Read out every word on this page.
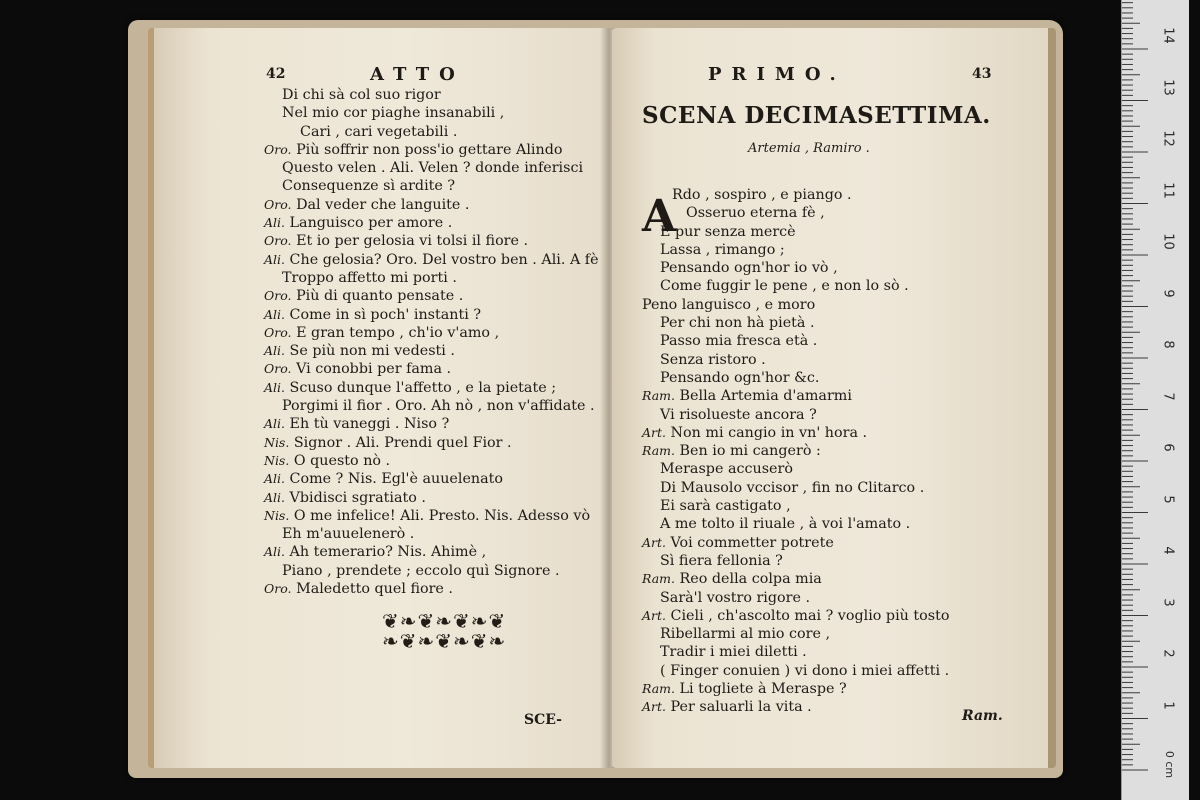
42	ATTO
Di chi sà col suo rigor
Nel mio cor piaghe insanabili ,
Cari , cari vegetabili .
Oro. Più soffrir non poss'io gettare Alindo
Questo velen . Ali. Velen ? donde inferisci
Consequenze sì ardite ?
Oro. Dal veder che languite .
Ali. Languisco per amore .
Oro. Et io per gelosia vi tolsi il fiore .
Ali. Che gelosia? Oro. Del vostro ben . Ali. A fè
Troppo affetto mi porti .
Oro. Più di quanto pensate .
Ali. Come in sì poch' instanti ?
Oro. E gran tempo , ch'io v'amo ,
Ali. Se più non mi vedesti .
Oro. Vi conobbi per fama .
Ali. Scuso dunque l'affetto , e la pietate ;
Porgimi il fior . Oro. Ah nò , non v'affidate .
Ali. Eh tù vaneggi . Niso ?
Nis. Signor . Ali. Prendi quel Fior .
Nis. O questo nò .
Ali. Come ? Nis. Egl'è auuelenato
Ali. Vbidisci sgratiato .
Nis. O me infelice! Ali. Presto. Nis. Adesso vò
Eh m'auuelenerò .
Ali. Ah temerario? Nis. Ahimè ,
Piano , prendete ; eccolo quì Signore .
Oro. Maledetto quel fiore .
❦❧❦❧❦❧❦
❧❦❧❦❧❦❧
SCE-
PRIMO.	43
SCENA DECIMASETTIMA.
Artemia , Ramiro .
A
Rdo , sospiro , e piango .
Osseruo eterna fè ,
E pur senza mercè
Lassa , rimango ;
Pensando ogn'hor io vò ,
Come fuggir le pene , e non lo sò .
Peno languisco , e moro
Per chi non hà pietà .
Passo mia fresca età .
Senza ristoro .
Pensando ogn'hor &c.
Ram. Bella Artemia d'amarmi
Vi risolueste ancora ?
Art. Non mi cangio in vn' hora .
Ram. Ben io mi cangerò :
Meraspe accuserò
Di Mausolo vccisor , fin no Clitarco .
Ei sarà castigato ,
A me tolto il riuale , à voi l'amato .
Art. Voi commetter potrete
Sì fiera fellonia ?
Ram. Reo della colpa mia
Sarà'l vostro rigore .
Art. Cieli , ch'ascolto mai ? voglio più tosto
Ribellarmi al mio core ,
Tradir i miei diletti .
( Finger conuien ) vi dono i miei affetti .
Ram. Li togliete à Meraspe ?
Art. Per saluarli la vita .
Ram.
14
13
12
11
10
9
8
7
6
5
4
3
2
1
0 cm
